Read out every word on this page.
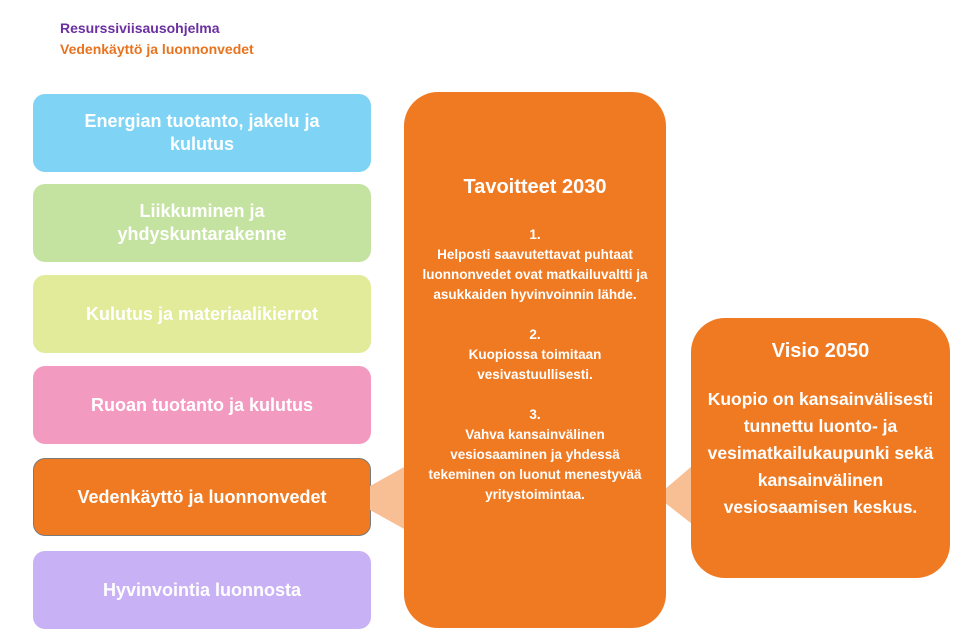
Resurssiviisausohjelma
Vedenkäyttö ja luonnonvedet
Energian tuotanto, jakelu ja kulutus
Liikkuminen ja yhdyskuntarakenne
Kulutus ja materiaalikierrot
Ruoan tuotanto ja kulutus
Vedenkäyttö ja luonnonvedet
Hyvinvointia luonnosta
Tavoitteet 2030
1.
Helposti saavutettavat puhtaat luonnonvedet ovat matkailuvaltti ja asukkaiden hyvinvoinnin lähde.
2.
Kuopiossa toimitaan vesivastuullisesti.
3.
Vahva kansainvälinen vesiosaaminen ja yhdessä tekeminen on luonut menestyvää yritystoimintaa.
Visio 2050
Kuopio on kansainvälisesti tunnettu luonto- ja vesimatkailukaupunki sekä kansainvälinen vesiosaamisen keskus.
